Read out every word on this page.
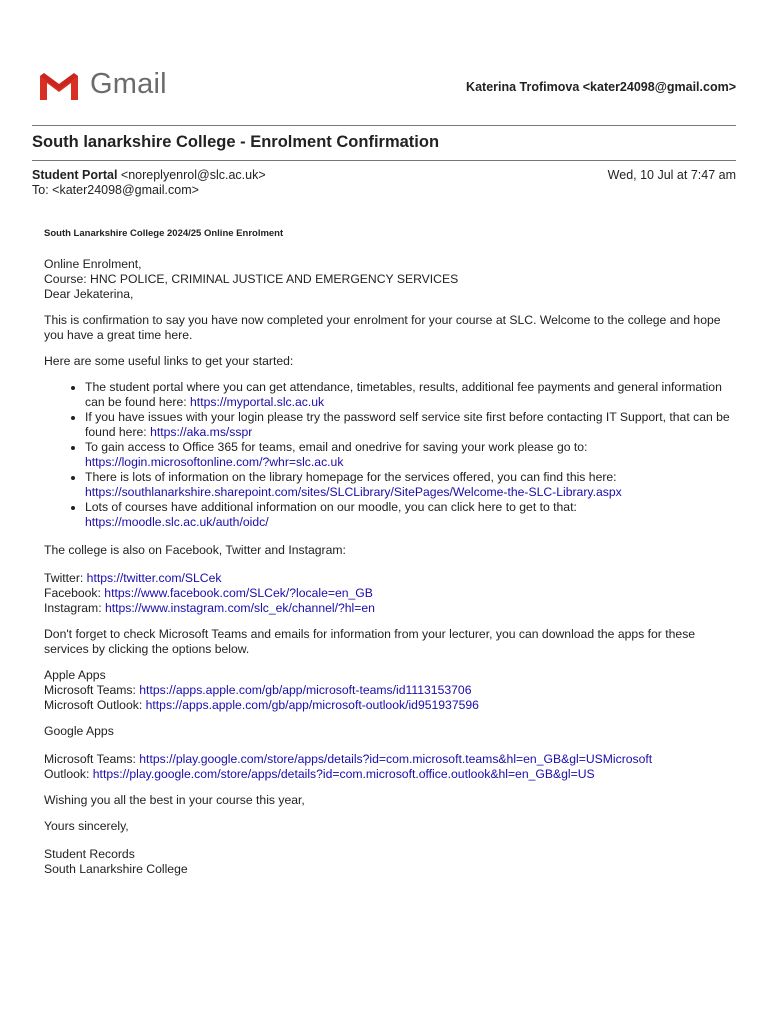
Gmail	Katerina Trofimova <kater24098@gmail.com>
South lanarkshire College - Enrolment Confirmation
Student Portal <noreplyenrol@slc.ac.uk>	Wed, 10 Jul at 7:47 am
To: <kater24098@gmail.com>

South Lanarkshire College 2024/25 Online Enrolment

Online Enrolment,

Course: HNC POLICE, CRIMINAL JUSTICE AND EMERGENCY SERVICES

Dear Jekaterina,

This is confirmation to say you have now completed your enrolment for your course at SLC. Welcome to the college and hope you have a great time here.

Here are some useful links to get your started:

• The student portal where you can get attendance, timetables, results, additional fee payments and general information can be found here: https://myportal.slc.ac.uk
• If you have issues with your login please try the password self service site first before contacting IT Support, that can be found here: https://aka.ms/sspr
• To gain access to Office 365 for teams, email and onedrive for saving your work please go to: https://login.microsoftonline.com/?whr=slc.ac.uk
• There is lots of information on the library homepage for the services offered, you can find this here: https://southlanarkshire.sharepoint.com/sites/SLCLibrary/SitePages/Welcome-the-SLC-Library.aspx
• Lots of courses have additional information on our moodle, you can click here to get to that: https://moodle.slc.ac.uk/auth/oidc/

The college is also on Facebook, Twitter and Instagram:

Twitter: https://twitter.com/SLCek

Facebook: https://www.facebook.com/SLCek/?locale=en_GB

Instagram: https://www.instagram.com/slc_ek/channel/?hl=en

Don't forget to check Microsoft Teams and emails for information from your lecturer, you can download the apps for these services by clicking the options below.

Apple Apps

Microsoft Teams: https://apps.apple.com/gb/app/microsoft-teams/id1113153706

Microsoft Outlook: https://apps.apple.com/gb/app/microsoft-outlook/id951937596

Google Apps

Microsoft Teams: https://play.google.com/store/apps/details?id=com.microsoft.teams&hl=en_GB&gl=USMicrosoft

Outlook: https://play.google.com/store/apps/details?id=com.microsoft.office.outlook&hl=en_GB&gl=US

Wishing you all the best in your course this year,

Yours sincerely,

Student Records

South Lanarkshire College
